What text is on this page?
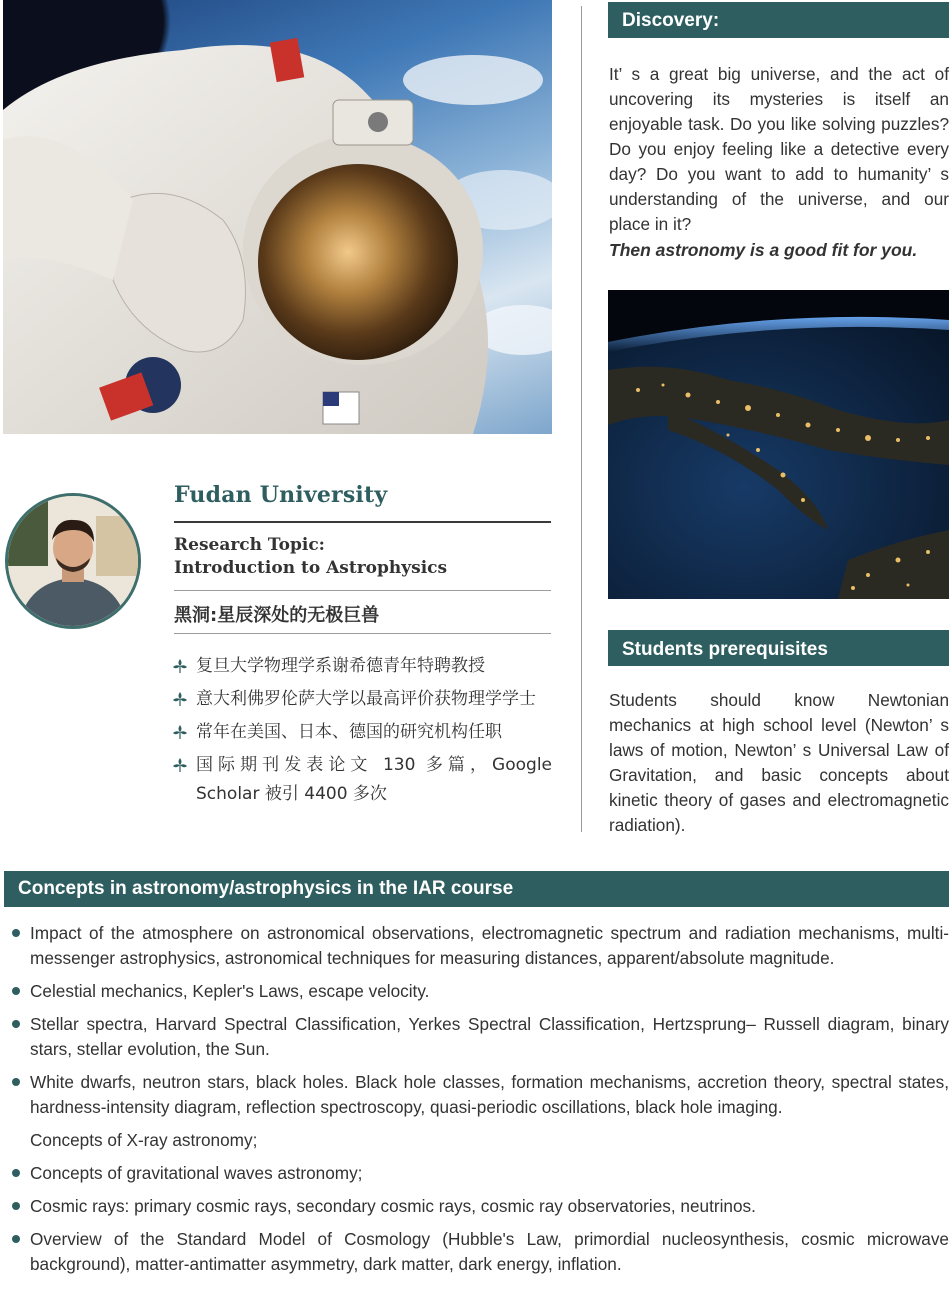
Fudan University
Research Topic:
Introduction to Astrophysics
黑洞:星辰深处的无极巨兽
复旦大学物理学系谢希德青年特聘教授
意大利佛罗伦萨大学以最高评价获物理学学士
常年在美国、日本、德国的研究机构任职
国际期刊发表论文 130 多篇，Google Scholar 被引 4400 多次
Discovery:
It’ s a great big universe, and the act of uncovering its mysteries is itself an enjoyable task. Do you like solving puzzles? Do you enjoy feeling like a detective every day? Do you want to add to humanity’ s understanding of the universe, and our place in it?
Then astronomy is a good fit for you.
Students prerequisites
Students should know Newtonian mechanics at high school level (Newton’ s laws of motion, Newton’ s Universal Law of Gravitation, and basic concepts about kinetic theory of gases and electromagnetic radiation).
Concepts in astronomy/astrophysics in the IAR course
Impact of the atmosphere on astronomical observations, electromagnetic spectrum and radiation mechanisms, multi-messenger astrophysics, astronomical techniques for measuring distances, apparent/absolute magnitude.
Celestial mechanics, Kepler's Laws, escape velocity.
Stellar spectra, Harvard Spectral Classification, Yerkes Spectral Classification, Hertzsprung– Russell diagram, binary stars, stellar evolution, the Sun.
White dwarfs, neutron stars, black holes. Black hole classes, formation mechanisms, accretion theory, spectral states, hardness-intensity diagram, reflection spectroscopy, quasi-periodic oscillations, black hole imaging.
Concepts of X-ray astronomy;
Concepts of gravitational waves astronomy;
Cosmic rays: primary cosmic rays, secondary cosmic rays, cosmic ray observatories, neutrinos.
Overview of the Standard Model of Cosmology (Hubble's Law, primordial nucleosynthesis, cosmic microwave background), matter-antimatter asymmetry, dark matter, dark energy, inflation.
